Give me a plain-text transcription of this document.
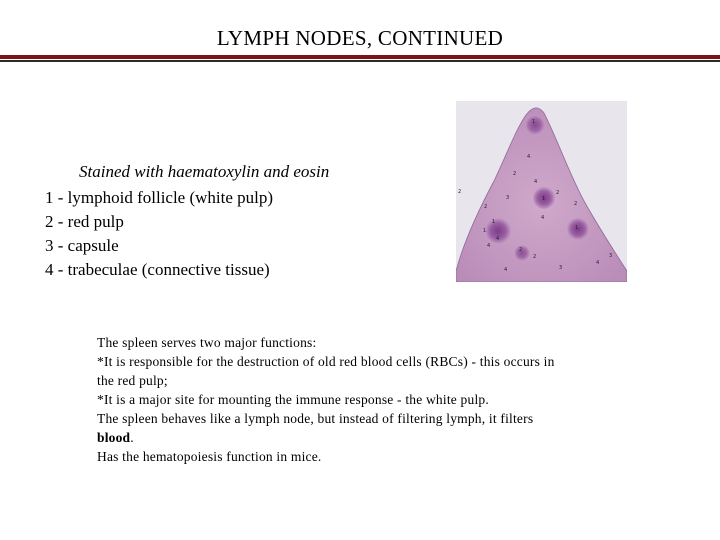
LYMPH NODES, CONTINUED
Stained with haematoxylin and eosin
1 - lymphoid follicle (white pulp)
2 - red pulp
3 - capsule
4 - trabeculae (connective tissue)
1
4
2
4
2
1
2
3
2
2
1
4
1
4
1
4
3
2
2
4	3
4

The spleen serves two major functions:

*It is responsible for the destruction of old red blood cells (RBCs) - this occurs in the red pulp;

*It is a major site for mounting the immune response - the white pulp.

The spleen behaves like a lymph node, but instead of filtering lymph, it filters blood.

Has the hematopoiesis function in mice.
